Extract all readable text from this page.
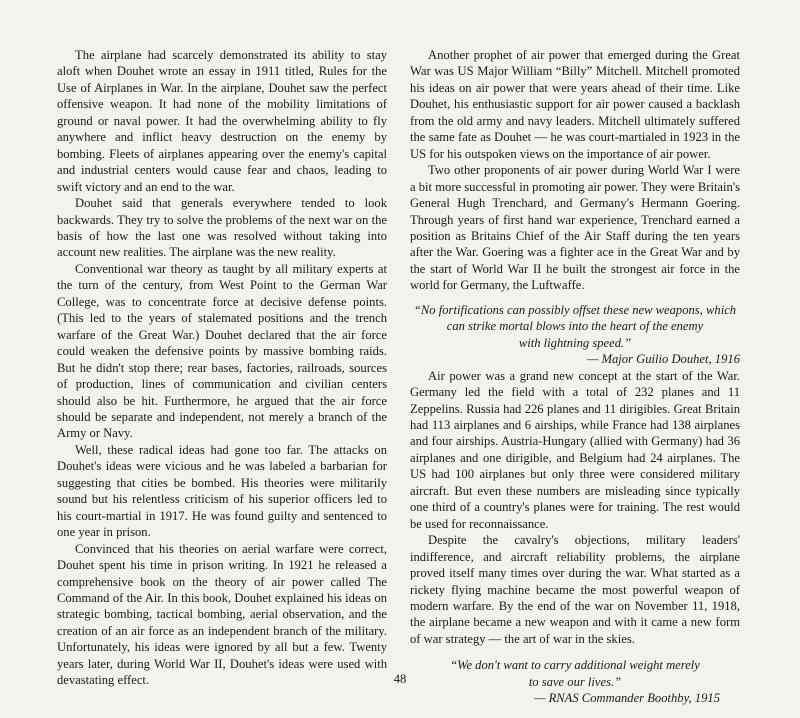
The airplane had scarcely demonstrated its ability to stay aloft when Douhet wrote an essay in 1911 titled, Rules for the Use of Airplanes in War. In the airplane, Douhet saw the perfect offensive weapon. It had none of the mobility limitations of ground or naval power. It had the overwhelming ability to fly anywhere and inflict heavy destruction on the enemy by bombing. Fleets of airplanes appearing over the enemy's capital and industrial centers would cause fear and chaos, leading to swift victory and an end to the war.

Douhet said that generals everywhere tended to look backwards. They try to solve the problems of the next war on the basis of how the last one was resolved without taking into account new realities. The airplane was the new reality.

Conventional war theory as taught by all military experts at the turn of the century, from West Point to the German War College, was to concentrate force at decisive defense points. (This led to the years of stalemated positions and the trench warfare of the Great War.) Douhet declared that the air force could weaken the defensive points by massive bombing raids. But he didn't stop there; rear bases, factories, railroads, sources of production, lines of communication and civilian centers should also be hit. Furthermore, he argued that the air force should be separate and independent, not merely a branch of the Army or Navy.

Well, these radical ideas had gone too far. The attacks on Douhet's ideas were vicious and he was labeled a barbarian for suggesting that cities be bombed. His theories were militarily sound but his relentless criticism of his superior officers led to his court-martial in 1917. He was found guilty and sentenced to one year in prison.

Convinced that his theories on aerial warfare were correct, Douhet spent his time in prison writing. In 1921 he released a comprehensive book on the theory of air power called The Command of the Air. In this book, Douhet explained his ideas on strategic bombing, tactical bombing, aerial observation, and the creation of an air force as an independent branch of the military. Unfortunately, his ideas were ignored by all but a few. Twenty years later, during World War II, Douhet's ideas were used with devastating effect.

Another prophet of air power that emerged during the Great War was US Major William “Billy” Mitchell. Mitchell promoted his ideas on air power that were years ahead of their time. Like Douhet, his enthusiastic support for air power caused a backlash from the old army and navy leaders. Mitchell ultimately suffered the same fate as Douhet — he was court-martialed in 1923 in the US for his outspoken views on the importance of air power.

Two other proponents of air power during World War I were a bit more successful in promoting air power. They were Britain's General Hugh Trenchard, and Germany's Hermann Goering. Through years of first hand war experience, Trenchard earned a position as Britains Chief of the Air Staff during the ten years after the War. Goering was a fighter ace in the Great War and by the start of World War II he built the strongest air force in the world for Germany, the Luftwaffe.

“No fortifications can possibly offset these new weapons, which
can strike mortal blows into the heart of the enemy
with lightning speed.”
— Major Guilio Douhet, 1916

Air power was a grand new concept at the start of the War. Germany led the field with a total of 232 planes and 11 Zeppelins. Russia had 226 planes and 11 dirigibles. Great Britain had 113 airplanes and 6 airships, while France had 138 airplanes and four airships. Austria-Hungary (allied with Germany) had 36 airplanes and one dirigible, and Belgium had 24 airplanes. The US had 100 airplanes but only three were considered military aircraft. But even these numbers are misleading since typically one third of a country's planes were for training. The rest would be used for reconnaissance.

Despite the cavalry's objections, military leaders' indifference, and aircraft reliability problems, the airplane proved itself many times over during the war. What started as a rickety flying machine became the most powerful weapon of modern warfare. By the end of the war on November 11, 1918, the airplane became a new weapon and with it came a new form of war strategy — the art of war in the skies.

“We don't want to carry additional weight merely
to save our lives.”
— RNAS Commander Boothby, 1915
48
